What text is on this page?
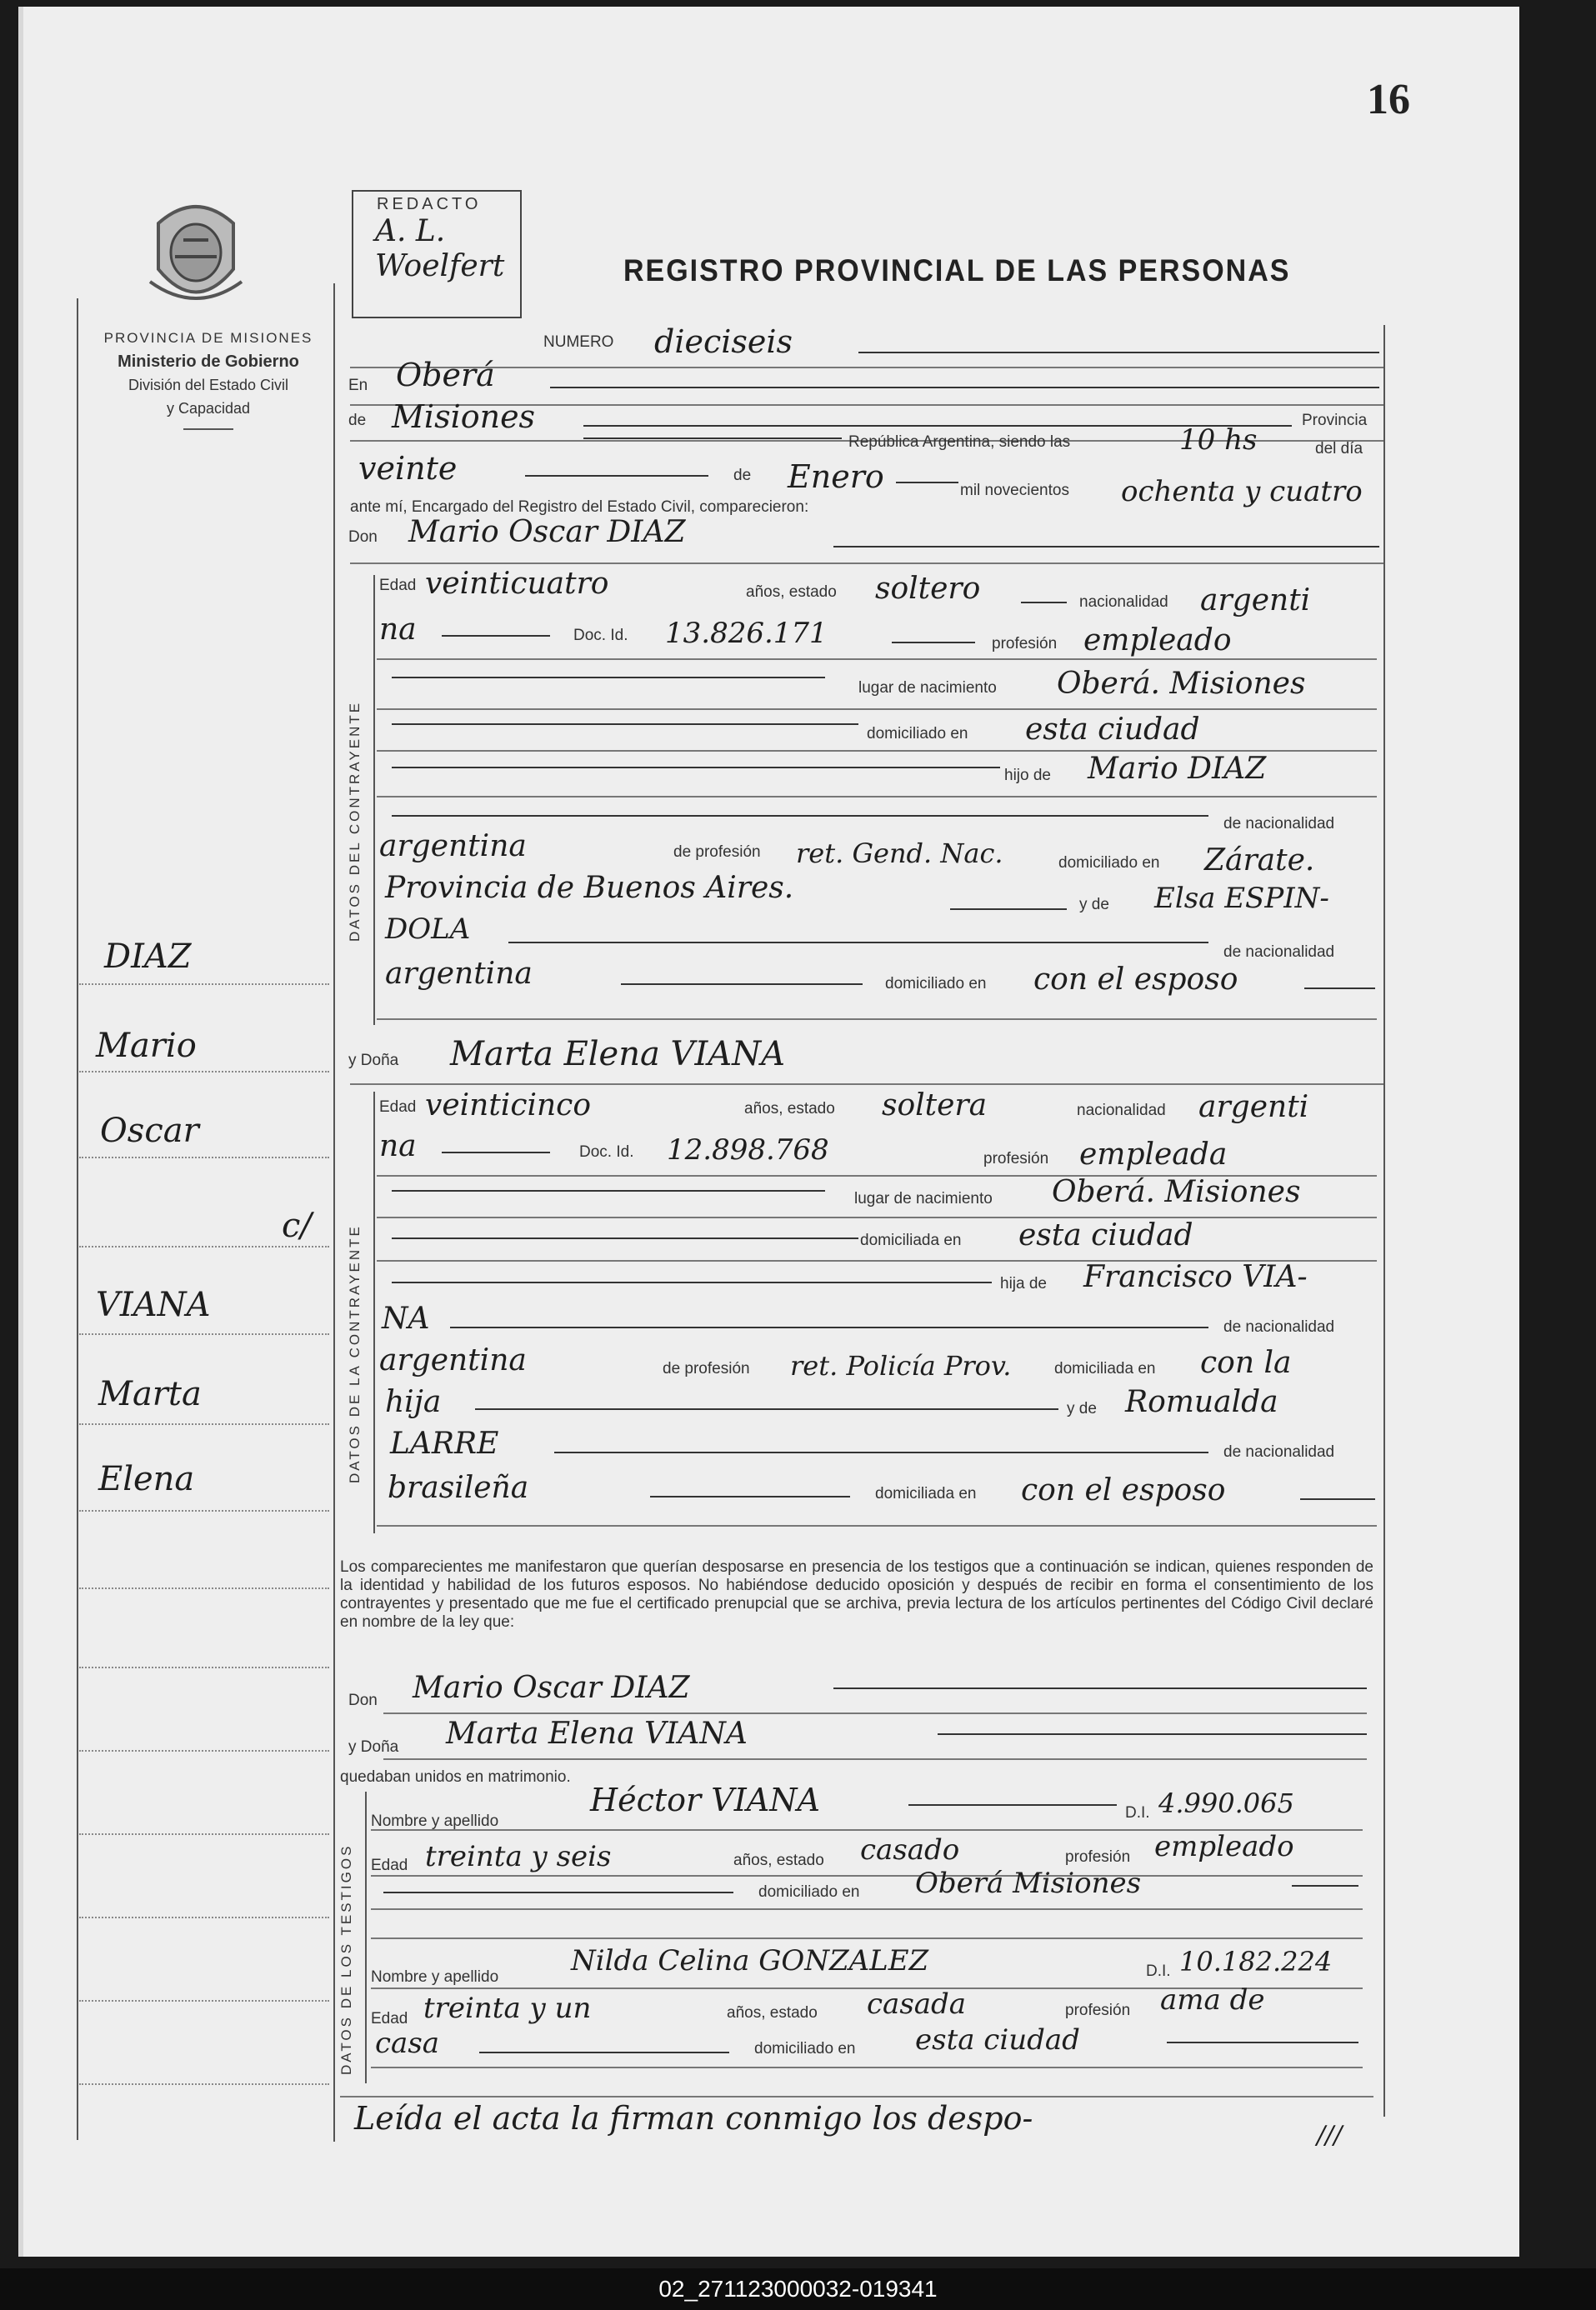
16
PROVINCIA DE MISIONES
Ministerio de Gobierno
División del Estado Civil
y Capacidad
REDACTO
A. L.
Woelfert	REGISTRO PROVINCIAL DE LAS PERSONAS
DIAZ
Mario
Oscar
c/
VIANA
Marta
Elena
NUMERO dieciseis
En Oberá
de Misiones	Provincia
República Argentina, siendo las	10 hs	del día
veinte	de Enero	mil novecientos ochenta y cuatro
ante mí, Encargado del Registro del Estado Civil, comparecieron:
Don Mario Oscar DIAZ
DATOS DEL CONTRAYENTE
Edad veinticuatro	años, estado soltero	nacionalidad argenti
na	Doc. Id. 13.826.171	profesión empleado
lugar de nacimiento Oberá. Misiones
domiciliado en esta ciudad
hijo de Mario DIAZ
de nacionalidad
argentina	de profesión ret. Gend. Nac.	domiciliado en Zárate.
Provincia de Buenos Aires.	y de Elsa ESPIN-
DOLA
de nacionalidad
argentina	domiciliado en con el esposo
y Doña Marta Elena VIANA
DATOS DE LA CONTRAYENTE
Edad veinticinco	años, estado soltera	nacionalidad argenti
na	Doc. Id. 12.898.768	profesión empleada
lugar de nacimiento Oberá. Misiones
domiciliada en esta ciudad
hija de Francisco VIA-
NA	de nacionalidad
argentina	de profesión ret. Policía Prov.	domiciliada en con la
hija	y de Romualda
LARRE	de nacionalidad
brasileña	domiciliada en con el esposo
Los comparecientes me manifestaron que querían desposarse en presencia de los testigos que a continuación se indican, quienes responden de la identidad y habilidad de los futuros esposos. No habiéndose deducido oposición y después de recibir en forma el consentimiento de los contrayentes y presentado que me fue el certificado prenupcial que se archiva, previa lectura de los artículos pertinentes del Código Civil declaré en nombre de la ley que:
Don Mario Oscar DIAZ
y Doña Marta Elena VIANA
quedaban unidos en matrimonio.
DATOS DE LOS TESTIGOS
Nombre y apellido
Héctor VIANA	D.I. 4.990.065
Edad treinta y seis	años, estado casado	profesión empleado
domiciliado en Oberá Misiones
Nombre y apellido	Nilda Celina GONZALEZ	D.I. 10.182.224
Edad treinta y un	años, estado casada	profesión ama de
casa	domiciliado en esta ciudad
Leída el acta la firman conmigo los despo-	///
02_271123000032-019341
